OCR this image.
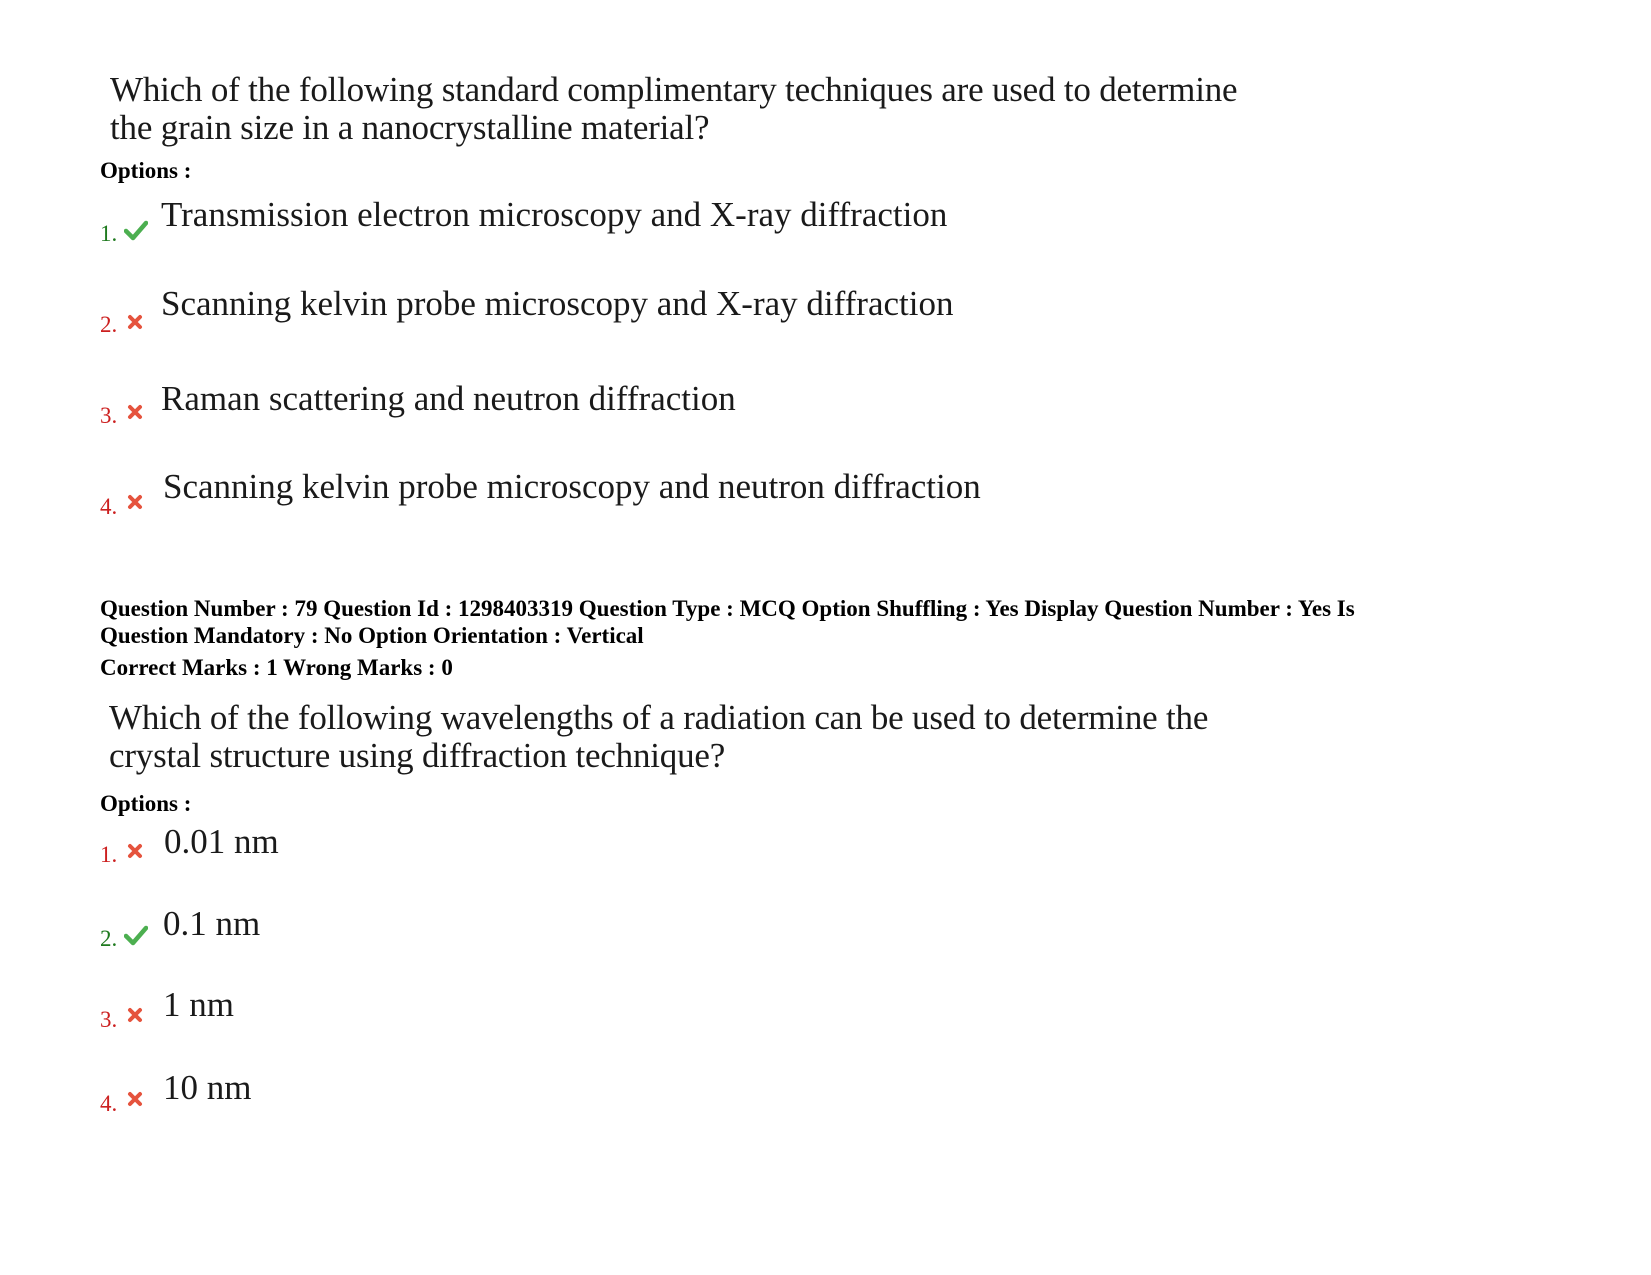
Which of the following standard complimentary techniques are used to determine
the grain size in a nanocrystalline material?
Options :
1. Transmission electron microscopy and X-ray diffraction
2.
Scanning kelvin probe microscopy and X-ray diffraction
3. Raman scattering and neutron diffraction
4.
Scanning kelvin probe microscopy and neutron diffraction
Question Number : 79 Question Id : 1298403319 Question Type : MCQ Option Shuffling : Yes Display Question Number : Yes Is
Question Mandatory : No Option Orientation : Vertical
Correct Marks : 1 Wrong Marks : 0
Which of the following wavelengths of a radiation can be used to determine the
crystal structure using diffraction technique?
Options :
1. 0.01 nm
2. 0.1 nm
3. 1 nm
4. 10 nm
